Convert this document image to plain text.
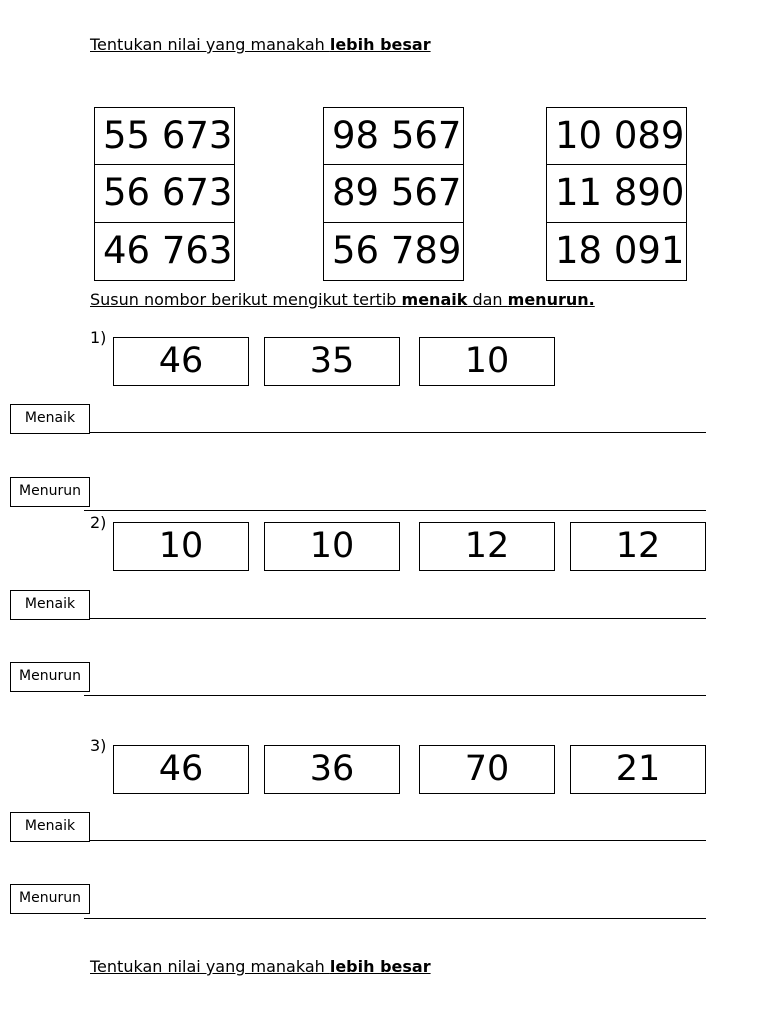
Tentukan nilai yang manakah lebih besar
55 673
56 673
46 763
98 567
89 567
56 789
10 089
11 890
18 091
Susun nombor berikut mengikut tertib menaik dan menurun.
1)
46	35	10
Menaik
Menurun
2)
10	10	12	12
Menaik
Menurun
3)
46	36	70	21
Menaik
Menurun
Tentukan nilai yang manakah lebih besar
